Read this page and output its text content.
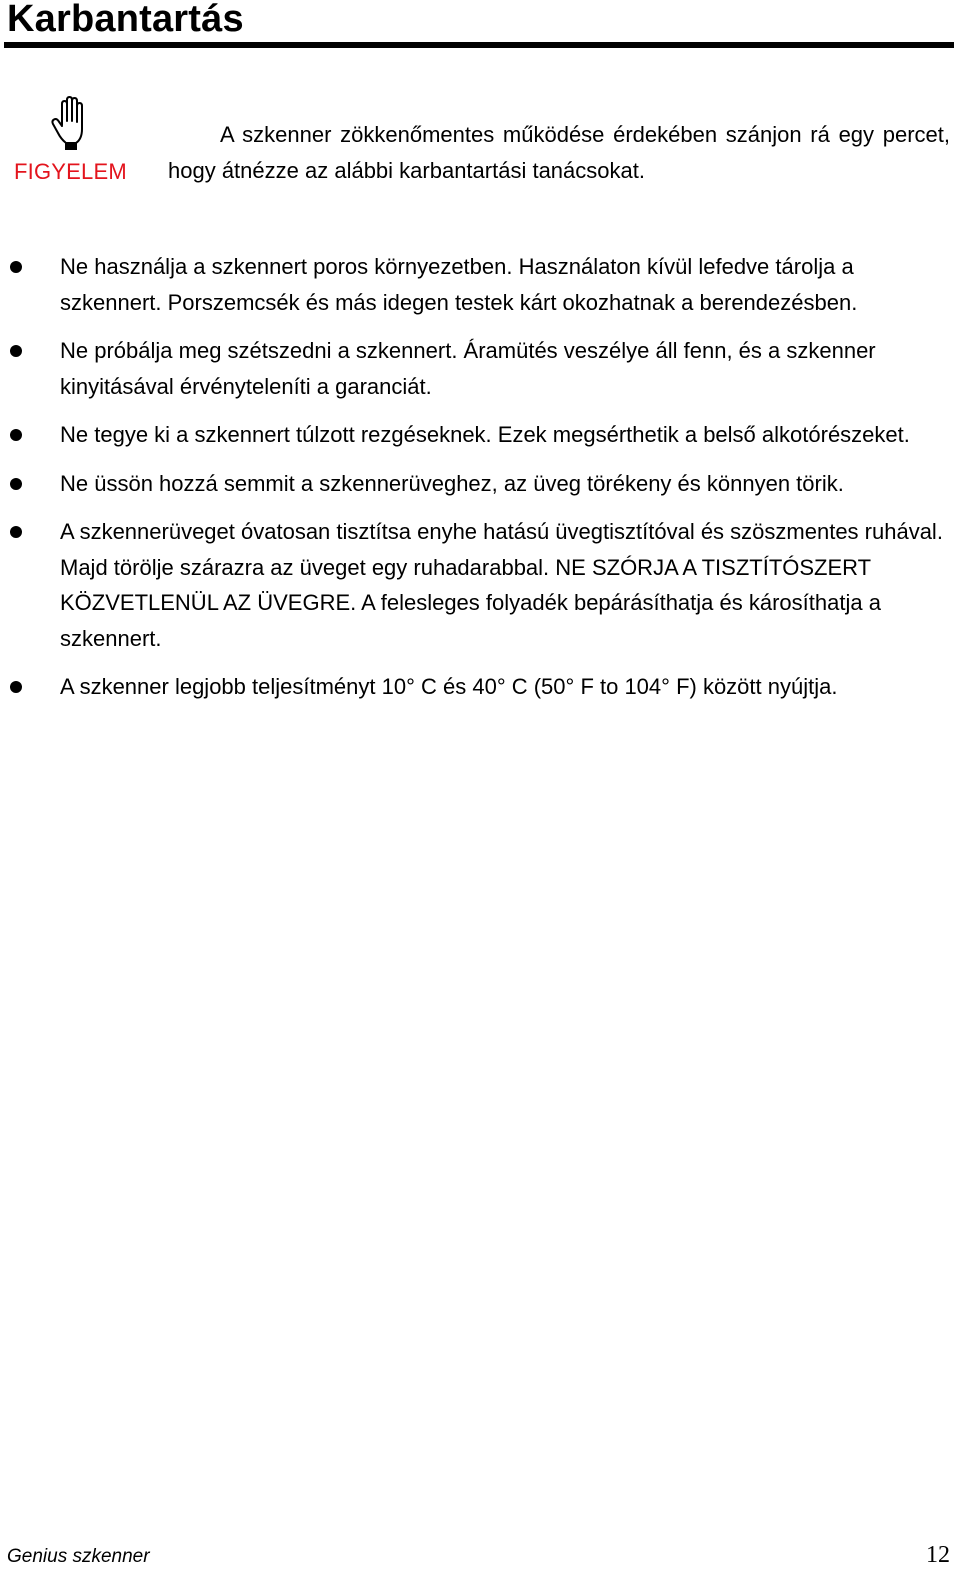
Karbantartás
FIGYELEM

A szkenner zökkenőmentes működése érdekében szánjon rá egy percet, hogy átnézze az alábbi karbantartási tanácsokat.

Ne használja a szkennert poros környezetben. Használaton kívül lefedve tárolja a szkennert. Porszemcsék és más idegen testek kárt okozhatnak a berendezésben.
Ne próbálja meg szétszedni a szkennert. Áramütés veszélye áll fenn, és a szkenner kinyitásával érvényteleníti a garanciát.
Ne tegye ki a szkennert túlzott rezgéseknek. Ezek megsérthetik a belső alkotórészeket.
Ne üssön hozzá semmit a szkennerüveghez, az üveg törékeny és könnyen törik.
A szkennerüveget óvatosan tisztítsa enyhe hatású üvegtisztítóval és szöszmentes ruhával. Majd törölje szárazra az üveget egy ruhadarabbal. NE SZÓRJA A TISZTÍTÓSZERT KÖZVETLENÜL AZ ÜVEGRE. A felesleges folyadék bepárásíthatja és károsíthatja a szkennert.
A szkenner legjobb teljesítményt 10° C és 40° C (50° F to 104° F) között nyújtja.
Genius szkenner	12
